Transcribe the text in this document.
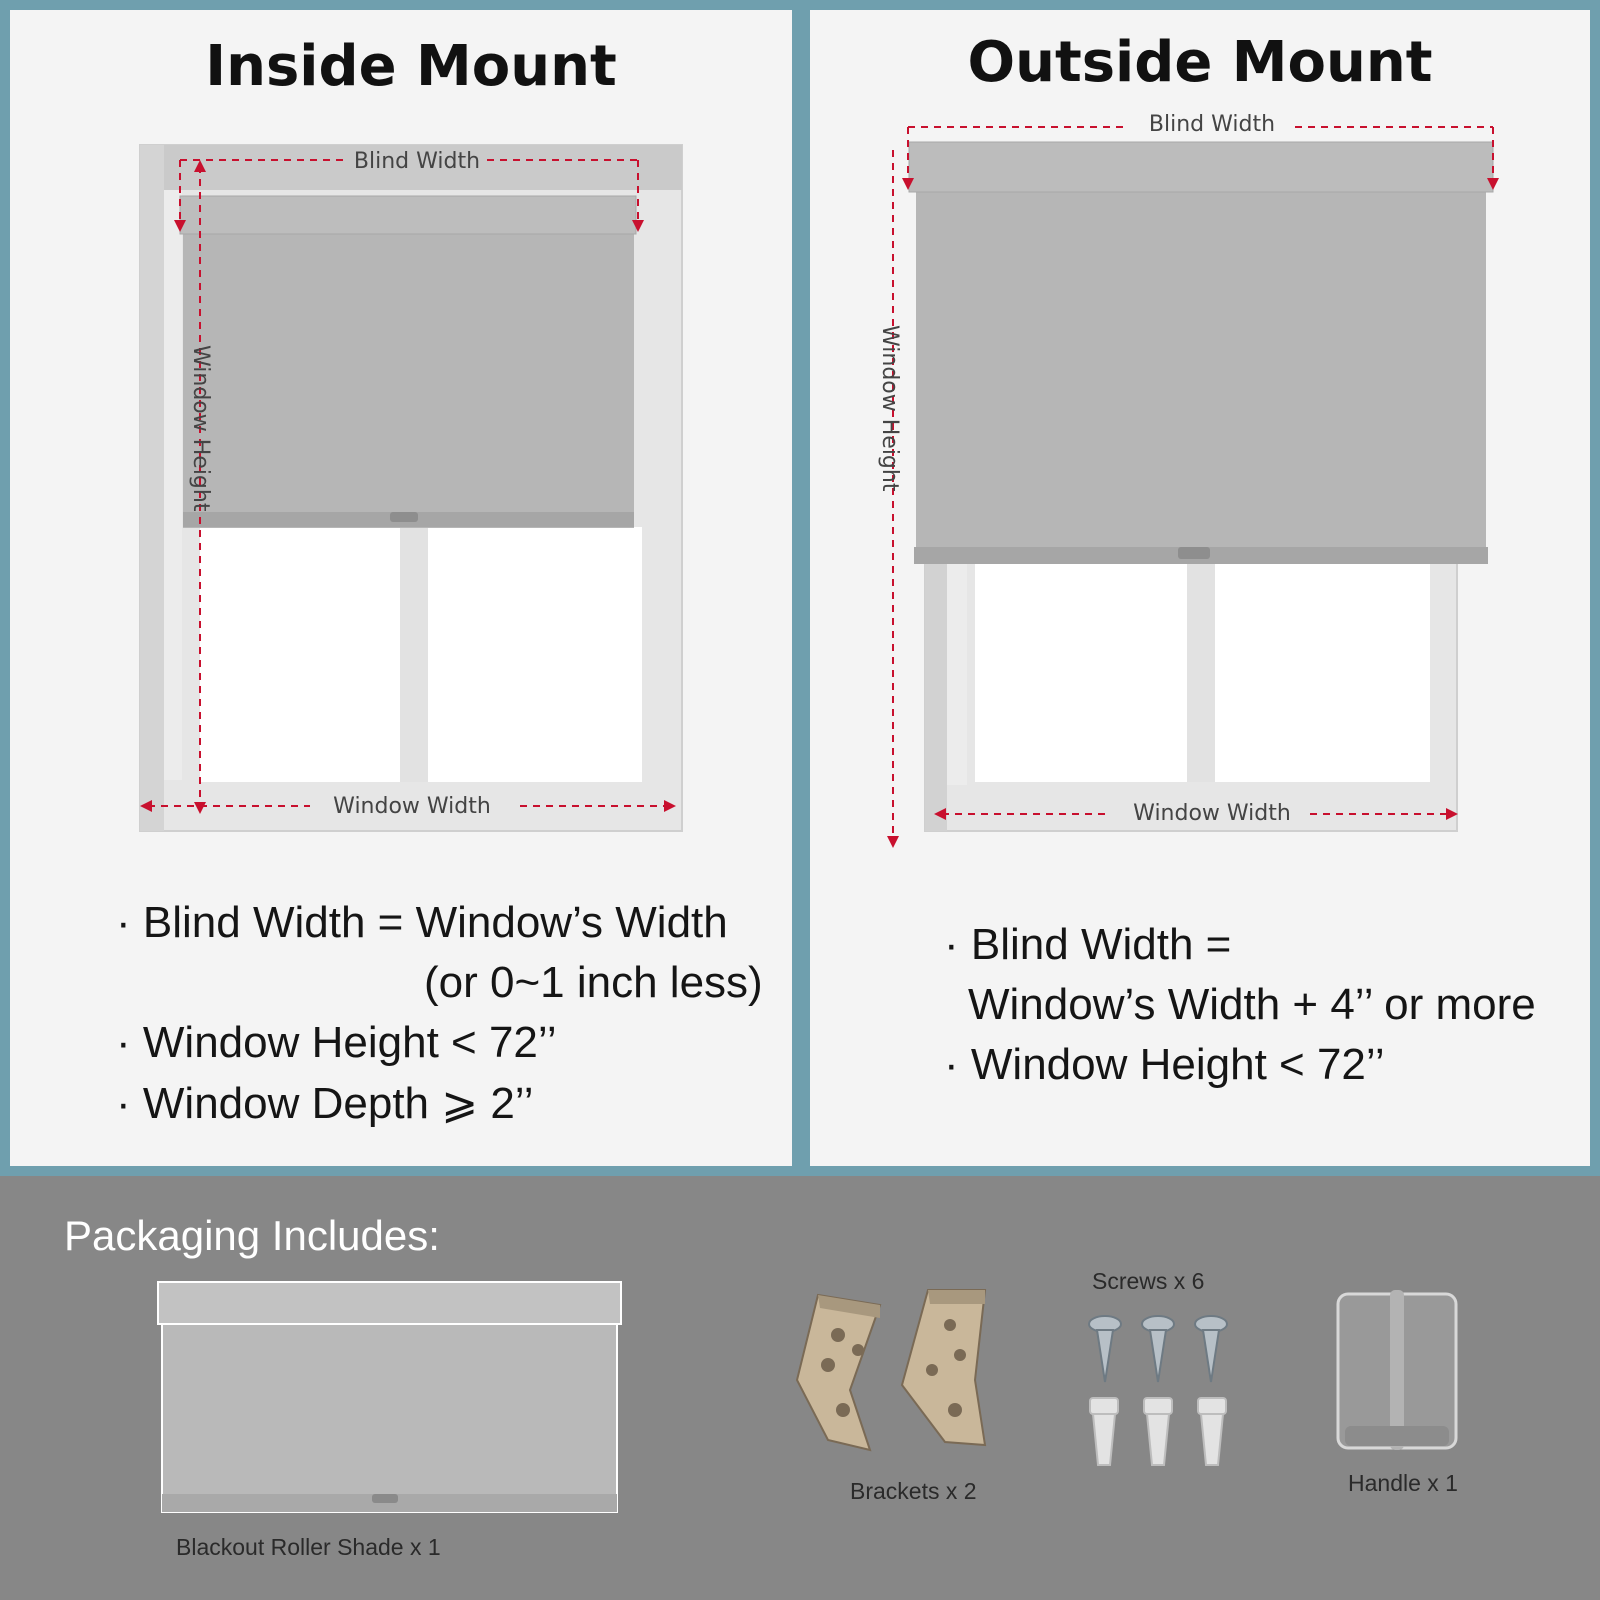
Inside Mount
Blind Width
Window Height
Window Width

· Blind Width = Window’s Width

(or 0~1 inch less)

· Window Height < 72’’

· Window Depth ⩾ 2’’

Outside Mount
Blind Width
Window Height
Window Width

· Blind Width =

Window’s Width + 4’’ or more

· Window Height < 72’’

Packaging Includes:

Blackout Roller Shade x 1
Brackets x 2
Screws x 6
Handle x 1
